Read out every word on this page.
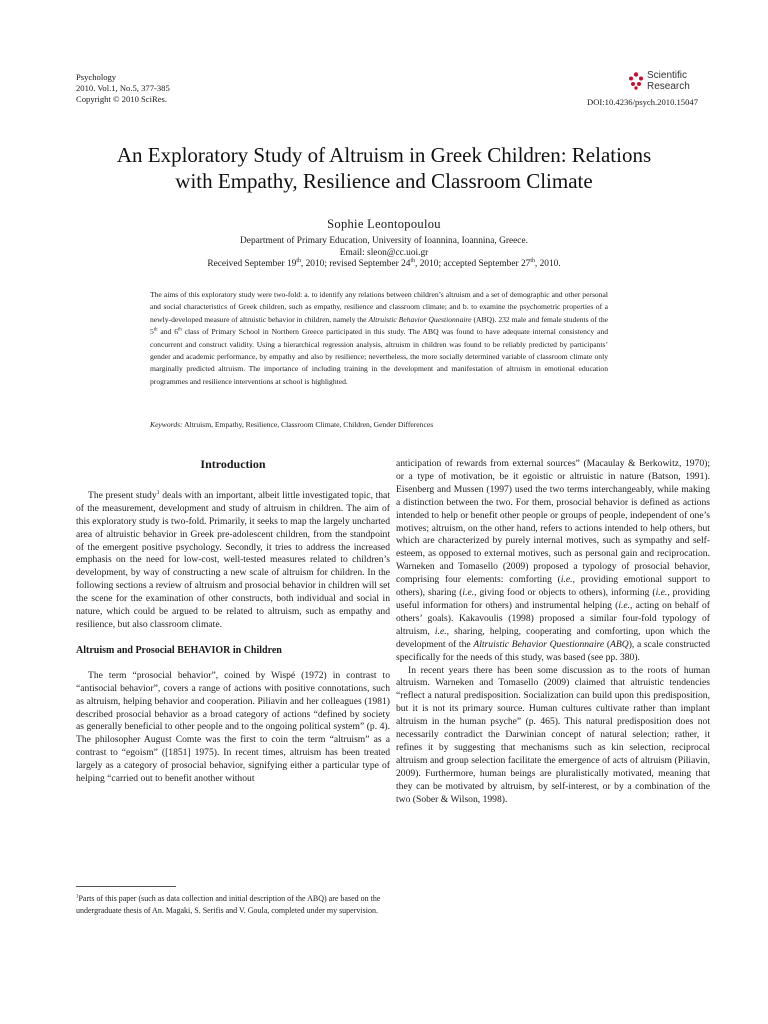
Psychology
2010. Vol.1, No.5, 377-385
Copyright © 2010 SciRes.
Scientific
Research
DOI:10.4236/psych.2010.15047
An Exploratory Study of Altruism in Greek Children: Relations
with Empathy, Resilience and Classroom Climate
Sophie Leontopoulou
Department of Primary Education, University of Ioannina, Ioannina, Greece.
Email: sleon@cc.uoi.gr
Received September 19th, 2010; revised September 24th, 2010; accepted September 27th, 2010.
The aims of this exploratory study were two-fold: a. to identify any relations between children’s altruism and a set of demographic and other personal and social characteristics of Greek children, such as empathy, resilience and classroom climate; and b. to examine the psychometric properties of a newly-developed measure of altruistic behavior in children, namely the Altruistic Behavior Questionnaire (ABQ). 232 male and female students of the 5th and 6th class of Primary School in Northern Greece participated in this study. The ABQ was found to have adequate internal consistency and concurrent and construct validity. Using a hierarchical regression analysis, altruism in children was found to be reliably predicted by participants’ gender and academic performance, by empathy and also by resilience; nevertheless, the more socially determined variable of classroom climate only marginally predicted altruism. The importance of including training in the development and manifestation of altruism in emotional education programmes and resilience interventions at school is highlighted.
Keywords: Altruism, Empathy, Resilience, Classroom Climate, Children, Gender Differences
Introduction

The present study$^1$ deals with an important, albeit little investigated topic, that of the measurement, development and study of altruism in children. The aim of this exploratory study is two-fold. Primarily, it seeks to map the largely uncharted area of altruistic behavior in Greek pre-adolescent children, from the standpoint of the emergent positive psychology. Secondly, it tries to address the increased emphasis on the need for low-cost, well-tested measures related to children’s development, by way of constructing a new scale of altruism for children. In the following sections a review of altruism and prosocial behavior in children will set the scene for the examination of other constructs, both individual and social in nature, which could be argued to be related to altruism, such as empathy and resilience, but also classroom climate.

Altruism and Prosocial BEHAVIOR in Children

The term “prosocial behavior”, coined by Wispé (1972) in contrast to “antisocial behavior”, covers a range of actions with positive connotations, such as altruism, helping behavior and cooperation. Piliavin and her colleagues (1981) described prosocial behavior as a broad category of actions “defined by society as generally beneficial to other people and to the ongoing political system” (p. 4). The philosopher August Comte was the first to coin the term “altruism” as a contrast to “egoism” ([1851] 1975). In recent times, altruism has been treated largely as a category of prosocial behavior, signifying either a particular type of helping “carried out to benefit another without

anticipation of rewards from external sources” (Macaulay & Berkowitz, 1970); or a type of motivation, be it egoistic or altruistic in nature (Batson, 1991). Eisenberg and Mussen (1997) used the two terms interchangeably, while making a distinction between the two. For them, prosocial behavior is defined as actions intended to help or benefit other people or groups of people, independent of one’s motives; altruism, on the other hand, refers to actions intended to help others, but which are characterized by purely internal motives, such as sympathy and self-esteem, as opposed to external motives, such as personal gain and reciprocation. Warneken and Tomasello (2009) proposed a typology of prosocial behavior, comprising four elements: comforting (i.e., providing emotional support to others), sharing (i.e., giving food or objects to others), informing (i.e., providing useful information for others) and instrumental helping (i.e., acting on behalf of others’ goals). Kakavoulis (1998) proposed a similar four-fold typology of altruism, i.e., sharing, helping, cooperating and comforting, upon which the development of the Altruistic Behavior Questionnaire (ABQ), a scale constructed specifically for the needs of this study, was based (see pp. 380).

In recent years there has been some discussion as to the roots of human altruism. Warneken and Tomasello (2009) claimed that altruistic tendencies “reflect a natural predisposition. Socialization can build upon this predisposition, but it is not its primary source. Human cultures cultivate rather than implant altruism in the human psyche” (p. 465). This natural predisposition does not necessarily contradict the Darwinian concept of natural selection; rather, it refines it by suggesting that mechanisms such as kin selection, reciprocal altruism and group selection facilitate the emergence of acts of altruism (Piliavin, 2009). Furthermore, human beings are pluralistically motivated, meaning that they can be motivated by altruism, by self-interest, or by a combination of the two (Sober & Wilson, 1998).

$^1$Parts of this paper (such as data collection and initial description of the ABQ) are based on the undergraduate thesis of An. Magaki, S. Serifis and V. Goula, completed under my supervision.
